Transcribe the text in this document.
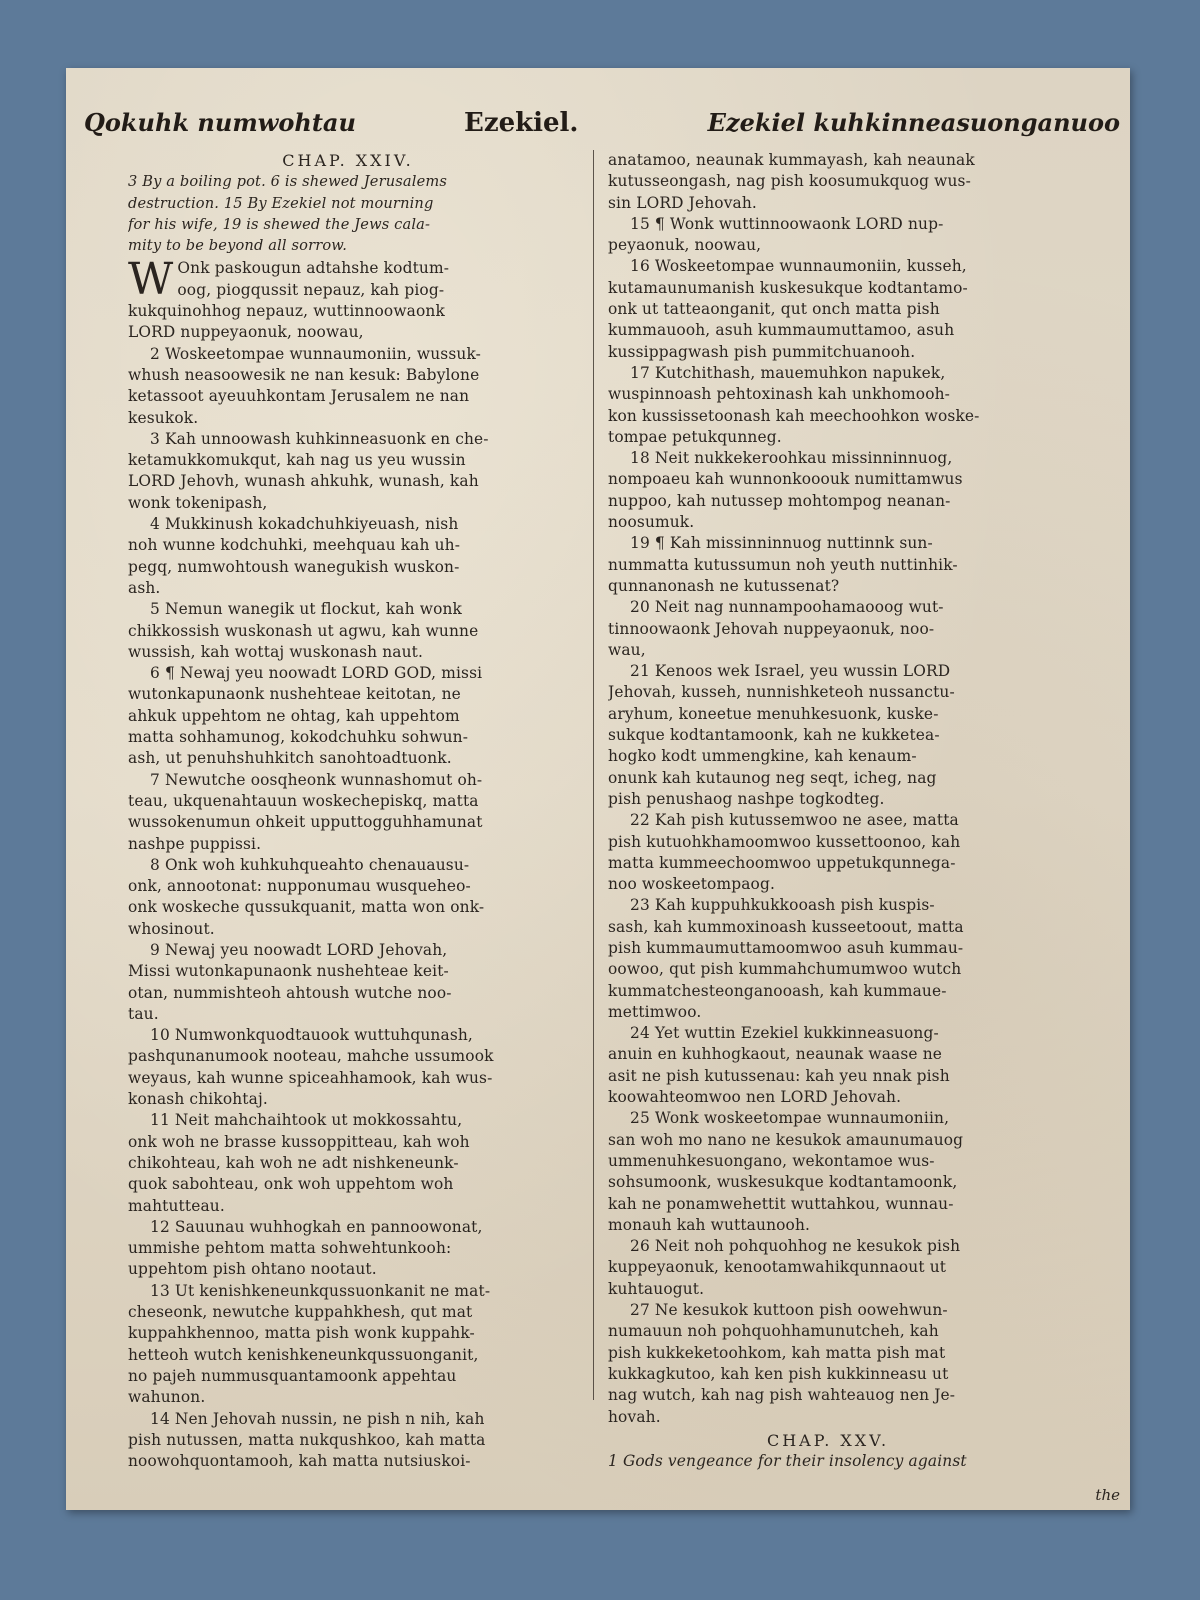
Qokuhk numwohtau	Ezekiel.	Ezekiel kuhkinneasuonganuoo
CHAP. XXIV.
3 By a boiling pot. 6 is shewed Jerusalems
destruction. 15 By Ezekiel not mourning
for his wife, 19 is shewed the Jews cala-
mity to be beyond all sorrow.
W Onk paskougun adtahshe kodtum-
oog, piogqussit nepauz, kah piog-
kukquinohhog nepauz, wuttinnoowaonk
LORD nuppeyaonuk, noowau,
2 Woskeetompae wunnaumoniin, wussuk-
whush neasoowesik ne nan kesuk: Babylone
ketassoot ayeuuhkontam Jerusalem ne nan
kesukok.
3 Kah unnoowash kuhkinneasuonk en che-
ketamukkomukqut, kah nag us yeu wussin
LORD Jehovh, wunash ahkuhk, wunash, kah
wonk tokenipash,
4 Mukkinush kokadchuhkiyeuash, nish
noh wunne kodchuhki, meehquau kah uh-
pegq, numwohtoush wanegukish wuskon-
ash.
5 Nemun wanegik ut flockut, kah wonk
chikkossish wuskonash ut agwu, kah wunne
wussish, kah wottaj wuskonash naut.
6 ¶ Newaj yeu noowadt LORD GOD, missi
wutonkapunaonk nushehteae keitotan, ne
ahkuk uppehtom ne ohtag, kah uppehtom
matta sohhamunog, kokodchuhku sohwun-
ash, ut penuhshuhkitch sanohtoadtuonk.
7 Newutche oosqheonk wunnashomut oh-
teau, ukquenahtauun woskechepiskq, matta
wussokenumun ohkeit upputtogguhhamunat
nashpe puppissi.
8 Onk woh kuhkuhqueahto chenauausu-
onk, annootonat: nupponumau wusqueheo-
onk woskeche qussukquanit, matta won onk-
whosinout.
9 Newaj yeu noowadt LORD Jehovah,
Missi wutonkapunaonk nushehteae keit-
otan, nummishteoh ahtoush wutche noo-
tau.
10 Numwonkquodtauook wuttuhqunash,
pashqunanumook nooteau, mahche ussumook
weyaus, kah wunne spiceahhamook, kah wus-
konash chikohtaj.
11 Neit mahchaihtook ut mokkossahtu,
onk woh ne brasse kussoppitteau, kah woh
chikohteau, kah woh ne adt nishkeneunk-
quok sabohteau, onk woh uppehtom woh
mahtutteau.
12 Sauunau wuhhogkah en pannoowonat,
ummishe pehtom matta sohwehtunkooh:
uppehtom pish ohtano nootaut.
13 Ut kenishkeneunkqussuonkanit ne mat-
cheseonk, newutche kuppahkhesh, qut mat
kuppahkhennoo, matta pish wonk kuppahk-
hetteoh wutch kenishkeneunkqussuonganit,
no pajeh nummusquantamoonk appehtau
wahunon.
14 Nen Jehovah nussin, ne pish n nih, kah
pish nutussen, matta nukqushkoo, kah matta
noowohquontamooh, kah matta nutsiuskoi-
anatamoo, neaunak kummayash, kah neaunak
kutusseongash, nag pish koosumukquog wus-
sin LORD Jehovah.
15 ¶ Wonk wuttinnoowaonk LORD nup-
peyaonuk, noowau,
16 Woskeetompae wunnaumoniin, kusseh,
kutamaunumanish kuskesukque kodtantamo-
onk ut tatteaonganit, qut onch matta pish
kummauooh, asuh kummaumuttamoo, asuh
kussippagwash pish pummitchuanooh.
17 Kutchithash, mauemuhkon napukek,
wuspinnoash pehtoxinash kah unkhomooh-
kon kussissetoonash kah meechoohkon woske-
tompae petukqunneg.
18 Neit nukkekeroohkau missinninnuog,
nompoaeu kah wunnonkooouk numittamwus
nuppoo, kah nutussep mohtompog neanan-
noosumuk.
19 ¶ Kah missinninnuog nuttinnk sun-
nummatta kutussumun noh yeuth nuttinhik-
qunnanonash ne kutussenat?
20 Neit nag nunnampoohamaooog wut-
tinnoowaonk Jehovah nuppeyaonuk, noo-
wau,
21 Kenoos wek Israel, yeu wussin LORD
Jehovah, kusseh, nunnishketeoh nussanctu-
aryhum, koneetue menuhkesuonk, kuske-
sukque kodtantamoonk, kah ne kukketea-
hogko kodt ummengkine, kah kenaum-
onunk kah kutaunog neg seqt, icheg, nag
pish penushaog nashpe togkodteg.
22 Kah pish kutussemwoo ne asee, matta
pish kutuohkhamoomwoo kussettoonoo, kah
matta kummeechoomwoo uppetukqunnega-
noo woskeetompaog.
23 Kah kuppuhkukkooash pish kuspis-
sash, kah kummoxinoash kusseetoout, matta
pish kummaumuttamoomwoo asuh kummau-
oowoo, qut pish kummahchumumwoo wutch
kummatchesteonganooash, kah kummaue-
mettimwoo.
24 Yet wuttin Ezekiel kukkinneasuong-
anuin en kuhhogkaout, neaunak waase ne
asit ne pish kutussenau: kah yeu nnak pish
koowahteomwoo nen LORD Jehovah.
25 Wonk woskeetompae wunnaumoniin,
san woh mo nano ne kesukok amaunumauog
ummenuhkesuongano, wekontamoe wus-
sohsumoonk, wuskesukque kodtantamoonk,
kah ne ponamwehettit wuttahkou, wunnau-
monauh kah wuttaunooh.
26 Neit noh pohquohhog ne kesukok pish
kuppeyaonuk, kenootamwahikqunnaout ut
kuhtauogut.
27 Ne kesukok kuttoon pish oowehwun-
numauun noh pohquohhamunutcheh, kah
pish kukkeketoohkom, kah matta pish mat
kukkagkutoo, kah ken pish kukkinneasu ut
nag wutch, kah nag pish wahteauog nen Je-
hovah.
CHAP. XXV.
1 Gods vengeance for their insolency against
the
